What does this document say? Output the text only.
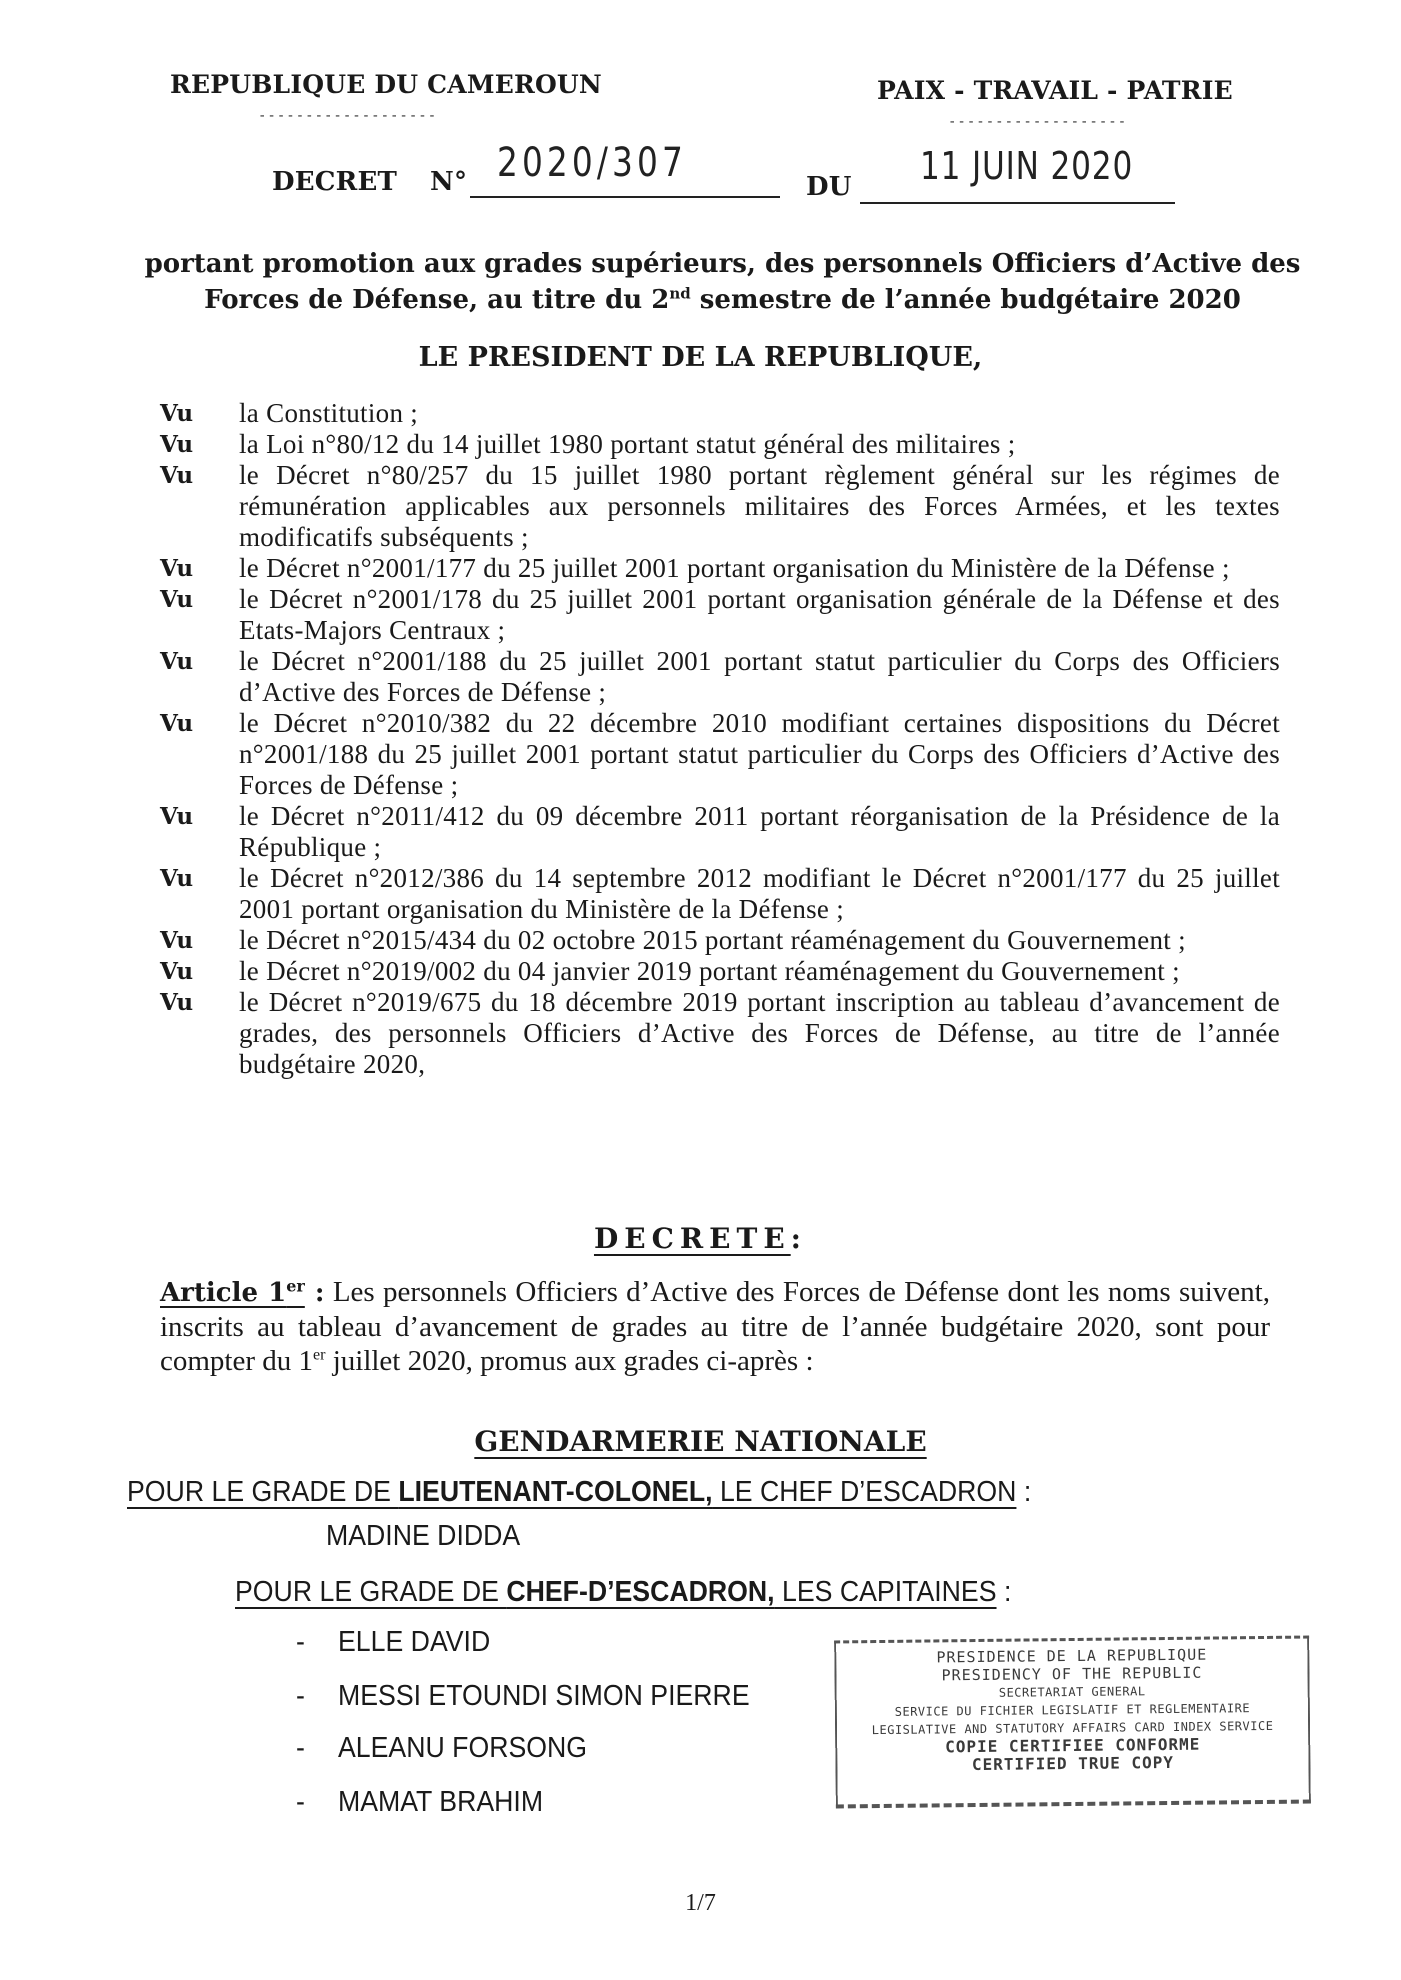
REPUBLIQUE DU CAMEROUN
-------------------
PAIX - TRAVAIL - PATRIE
-------------------
DECRET N° 2020/307
DU 11 JUIN 2020
portant promotion aux grades supérieurs, des personnels Officiers d’Active des
Forces de Défense, au titre du 2nd semestre de l’année budgétaire 2020
LE PRESIDENT DE LA REPUBLIQUE,
Vu la Constitution ;
Vu la Loi n°80/12 du 14 juillet 1980 portant statut général des militaires ;
Vu le Décret n°80/257 du 15 juillet 1980 portant règlement général sur les régimes de rémunération applicables aux personnels militaires des Forces Armées, et les textes modificatifs subséquents ;
Vu le Décret n°2001/177 du 25 juillet 2001 portant organisation du Ministère de la Défense ;
Vu le Décret n°2001/178 du 25 juillet 2001 portant organisation générale de la Défense et des Etats-Majors Centraux ;
Vu le Décret n°2001/188 du 25 juillet 2001 portant statut particulier du Corps des Officiers d’Active des Forces de Défense ;
Vu le Décret n°2010/382 du 22 décembre 2010 modifiant certaines dispositions du Décret n°2001/188 du 25 juillet 2001 portant statut particulier du Corps des Officiers d’Active des Forces de Défense ;
Vu le Décret n°2011/412 du 09 décembre 2011 portant réorganisation de la Présidence de la République ;
Vu le Décret n°2012/386 du 14 septembre 2012 modifiant le Décret n°2001/177 du 25 juillet 2001 portant organisation du Ministère de la Défense ;
Vu le Décret n°2015/434 du 02 octobre 2015 portant réaménagement du Gouvernement ;
Vu le Décret n°2019/002 du 04 janvier 2019 portant réaménagement du Gouvernement ;
Vu le Décret n°2019/675 du 18 décembre 2019 portant inscription au tableau d’avancement de grades, des personnels Officiers d’Active des Forces de Défense, au titre de l’année budgétaire 2020,
DECRETE:
Article 1er : Les personnels Officiers d’Active des Forces de Défense dont les noms suivent, inscrits au tableau d’avancement de grades au titre de l’année budgétaire 2020, sont pour compter du 1er juillet 2020, promus aux grades ci-après :
GENDARMERIE NATIONALE
POUR LE GRADE DE LIEUTENANT-COLONEL, LE CHEF D’ESCADRON :
MADINE DIDDA
POUR LE GRADE DE CHEF-D’ESCADRON, LES CAPITAINES :
- ELLE DAVID
- MESSI ETOUNDI SIMON PIERRE
- ALEANU FORSONG
- MAMAT BRAHIM
PRESIDENCE DE LA REPUBLIQUE
PRESIDENCY OF THE REPUBLIC
SECRETARIAT GENERAL
SERVICE DU FICHIER LEGISLATIF ET REGLEMENTAIRE
LEGISLATIVE AND STATUTORY AFFAIRS CARD INDEX SERVICE
COPIE CERTIFIEE CONFORME
CERTIFIED TRUE COPY
1/7
